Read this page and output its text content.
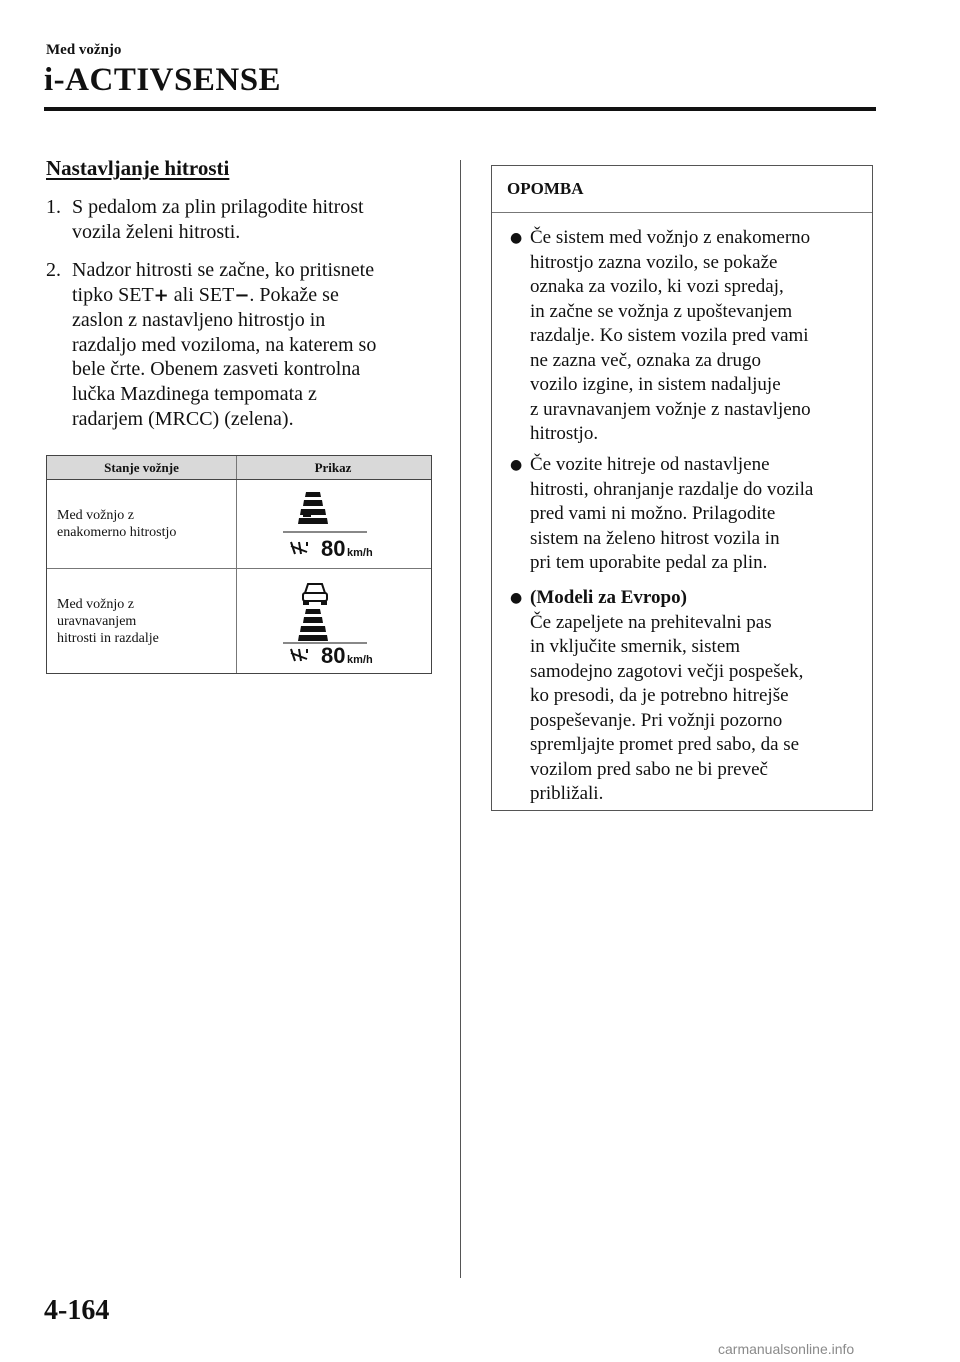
Med vožnjo
i-ACTIVSENSE
Nastavljanje hitrosti
1. S pedalom za plin prilagodite hitrost
vozila želeni hitrosti.
2. Nadzor hitrosti se začne, ko pritisnete
tipko SET+ ali SET−. Pokaže se
zaslon z nastavljeno hitrostjo in
razdaljo med voziloma, na katerem so
bele črte. Obenem zasveti kontrolna
lučka Mazdinega tempomata z
radarjem (MRCC) (zelena).
Stanje vožnje	Prikaz
Med vožnjo z
enakomerno hitrostjo
80 km/h
Med vožnjo z
uravnavanjem
hitrosti in razdalje
80 km/h
OPOMBA
● Če sistem med vožnjo z enakomerno
hitrostjo zazna vozilo, se pokaže
oznaka za vozilo, ki vozi spredaj,
in začne se vožnja z upoštevanjem
razdalje. Ko sistem vozila pred vami
ne zazna več, oznaka za drugo
vozilo izgine, in sistem nadaljuje
z uravnavanjem vožnje z nastavljeno
hitrostjo.
● Če vozite hitreje od nastavljene
hitrosti, ohranjanje razdalje do vozila
pred vami ni možno. Prilagodite
sistem na želeno hitrost vozila in
pri tem uporabite pedal za plin.
● (Modeli za Evropo)
Če zapeljete na prehitevalni pas
in vključite smernik, sistem
samodejno zagotovi večji pospešek,
ko presodi, da je potrebno hitrejše
pospeševanje. Pri vožnji pozorno
spremljajte promet pred sabo, da se
vozilom pred sabo ne bi preveč
približali.
4-164
carmanualsonline.info
